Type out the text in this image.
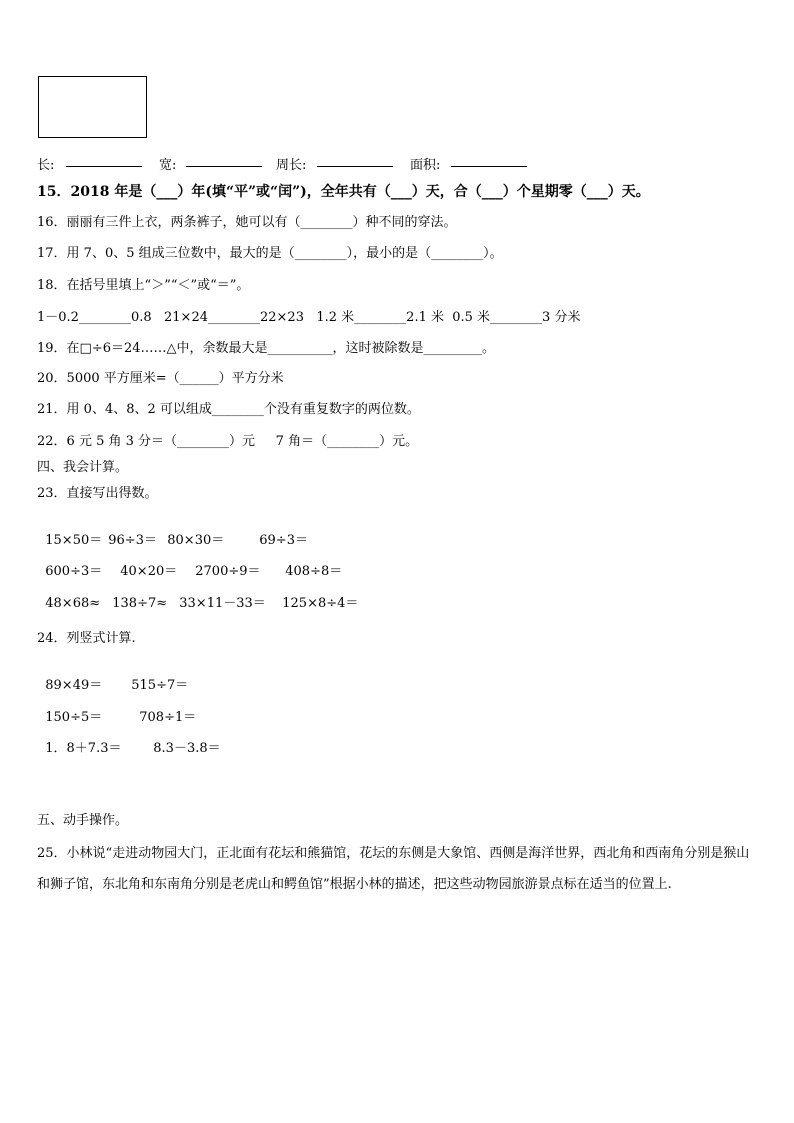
长:	宽:	周长:	面积:
15．2018 年是（___）年(填“平”或“闰”)，全年共有（___）天，合（___）个星期零（___）天。
16．丽丽有三件上衣，两条裤子，她可以有（________）种不同的穿法。
17．用 7、0、5 组成三位数中，最大的是（________），最小的是（________）。
18．在括号里填上“＞”“＜”或“＝”。
1－0.2________0.8   21×24________22×23   1.2 米________2.1 米  0.5 米________3 分米
19．在□÷6＝24……△中，余数最大是__________，这时被除数是_________。
20．5000 平方厘米=（______）平方分米
21．用 0、4、8、2 可以组成________个没有重复数字的两位数。
22．6 元 5 角 3 分＝（________）元     7 角＝（________）元。
四、我会计算。
23．直接写出得数。

15×50＝ 96÷3＝ 80×30＝	69÷3＝

600÷3＝ 40×20＝ 2700÷9＝ 408÷8＝

48×68≈ 138÷7≈ 33×11－33＝ 125×8÷4＝

24．列竖式计算.

89×49＝ 515÷7＝

150÷5＝	708÷1＝

1．8＋7.3＝ 8.3－3.8＝

五、动手操作。
25．小林说“走进动物园大门，正北面有花坛和熊猫馆，花坛的东侧是大象馆、西侧是海洋世界，西北角和西南角分别是猴山和狮子馆，东北角和东南角分别是老虎山和鳄鱼馆”根据小林的描述，把这些动物园旅游景点标在适当的位置上.
